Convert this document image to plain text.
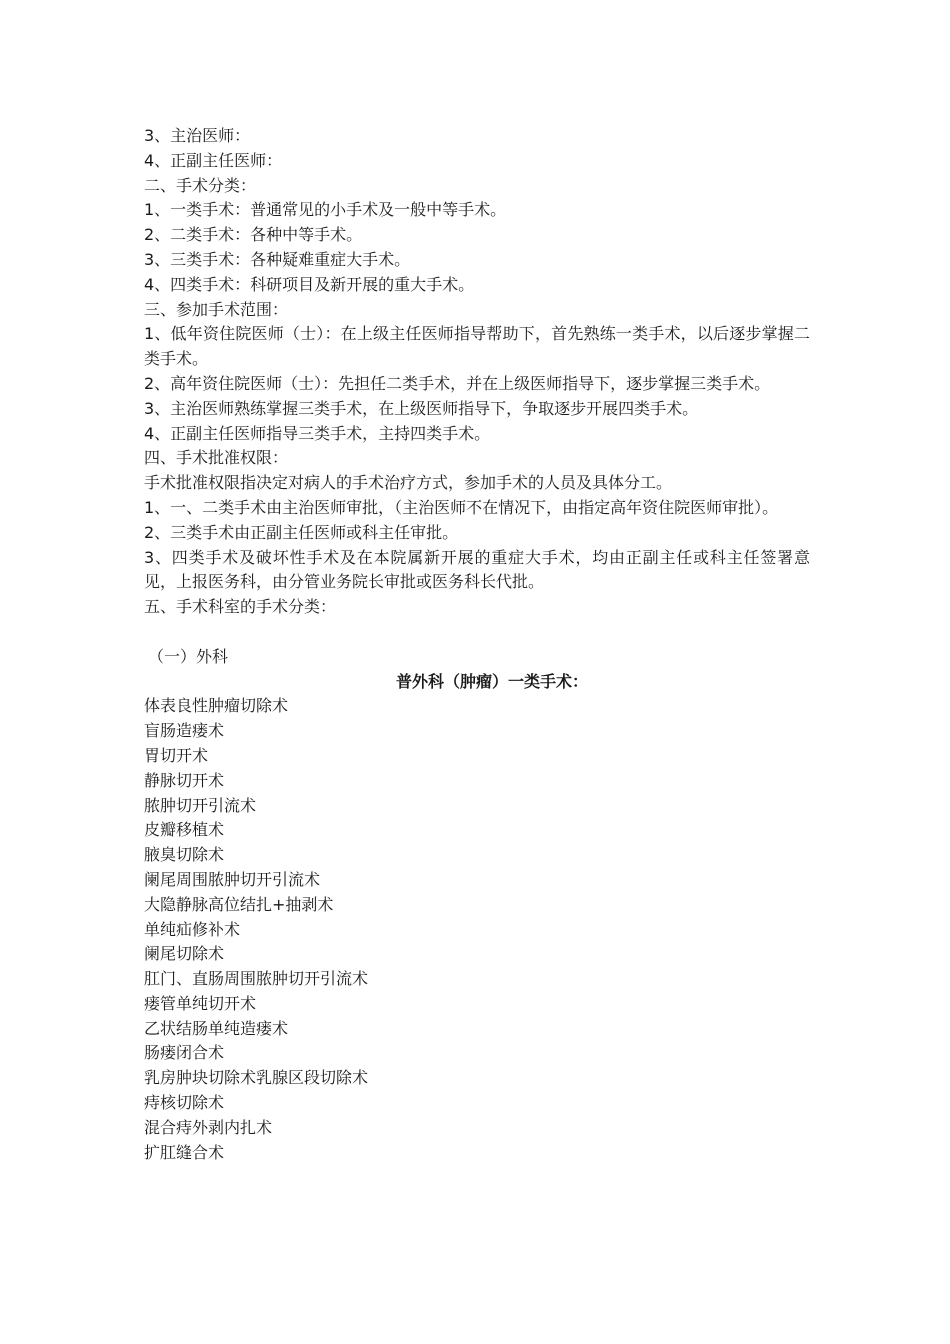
3、主治医师：

4、正副主任医师：

二、手术分类：

1、一类手术：普通常见的小手术及一般中等手术。

2、二类手术：各种中等手术。

3、三类手术：各种疑难重症大手术。

4、四类手术：科研项目及新开展的重大手术。

三、参加手术范围：

1、低年资住院医师（士）：在上级主任医师指导帮助下，首先熟练一类手术，以后逐步掌握二类手术。

2、高年资住院医师（士）：先担任二类手术，并在上级医师指导下，逐步掌握三类手术。

3、主治医师熟练掌握三类手术，在上级医师指导下，争取逐步开展四类手术。

4、正副主任医师指导三类手术，主持四类手术。

四、手术批准权限：

手术批准权限指决定对病人的手术治疗方式，参加手术的人员及具体分工。

1、一、二类手术由主治医师审批，（主治医师不在情况下，由指定高年资住院医师审批）。

2、三类手术由正副主任医师或科主任审批。

3、四类手术及破坏性手术及在本院属新开展的重症大手术，均由正副主任或科主任签署意见，上报医务科，由分管业务院长审批或医务科长代批。

五、手术科室的手术分类：

（一）外科

普外科（肿瘤）一类手术：

体表良性肿瘤切除术

盲肠造瘘术

胃切开术

静脉切开术

脓肿切开引流术

皮瓣移植术

腋臭切除术

阑尾周围脓肿切开引流术

大隐静脉高位结扎+抽剥术

单纯疝修补术

阑尾切除术

肛门、直肠周围脓肿切开引流术

瘘管单纯切开术

乙状结肠单纯造瘘术

肠瘘闭合术

乳房肿块切除术乳腺区段切除术

痔核切除术

混合痔外剥内扎术

扩肛缝合术
